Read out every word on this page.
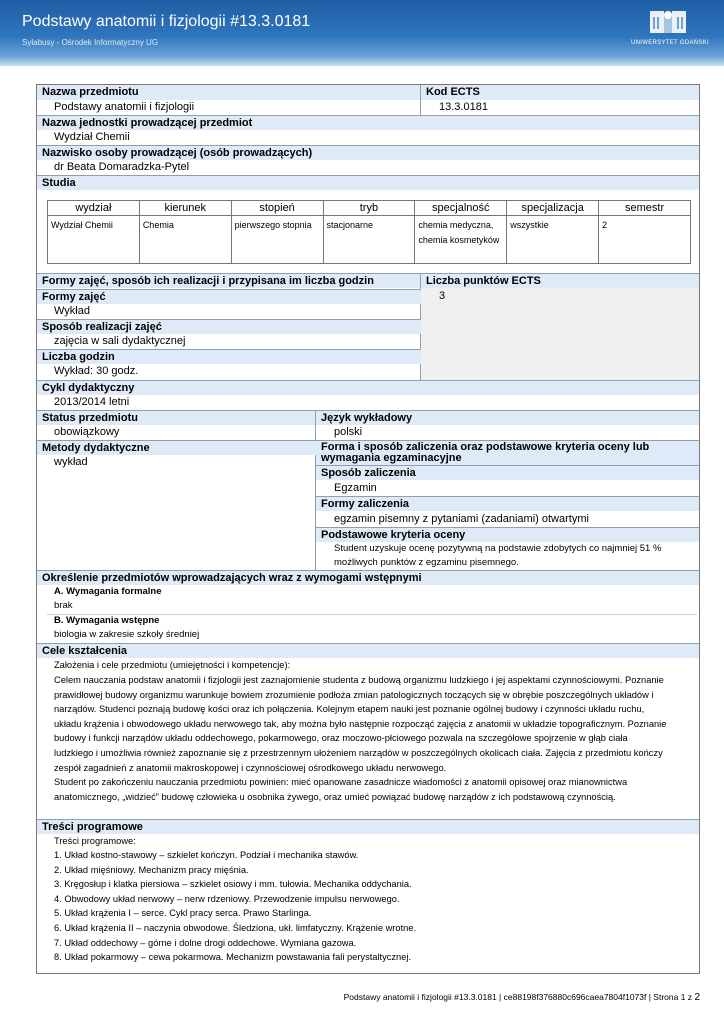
Podstawy anatomii i fizjologii #13.3.0181
Sylabusy - Ośrodek Informatyczny UG	UNIWERSYTET GDAŃSKI
Nazwa przedmiotu	Kod ECTS
Podstawy anatomii i fizjologii	13.3.0181
Nazwa jednostki prowadzącej przedmiot
Wydział Chemii
Nazwisko osoby prowadzącej (osób prowadzących)
dr Beata Domaradzka-Pytel
Studia
wydział	kierunek	stopień	tryb	specjalność	specjalizacja	semestr
Wydział Chemii	Chemia	pierwszego stopnia	stacjonarne	chemia medyczna, chemia kosmetyków	wszystkie	2
Formy zajęć, sposób ich realizacji i przypisana im liczba godzin	Liczba punktów ECTS
3
Formy zajęć
Wykład
Sposób realizacji zajęć
zajęcia w sali dydaktycznej
Liczba godzin
Wykład: 30 godz.
Cykl dydaktyczny
2013/2014 letni
Status przedmiotu	Język wykładowy
obowiązkowy	polski
Metody dydaktyczne
wykład
Forma i sposób zaliczenia oraz podstawowe kryteria oceny lub wymagania egzaminacyjne
Sposób zaliczenia
Egzamin
Formy zaliczenia
egzamin pisemny z pytaniami (zadaniami) otwartymi
Podstawowe kryteria oceny
Student uzyskuje ocenę pozytywną na podstawie zdobytych co najmniej 51 %
możliwych punktów z egzaminu pisemnego.
Określenie przedmiotów wprowadzających wraz z wymogami wstępnymi
A. Wymagania formalne
brak
B. Wymagania wstępne
biologia w zakresie szkoły średniej
Cele kształcenia
Założenia i cele przedmiotu (umiejętności i kompetencje):
Celem nauczania podstaw anatomii i fizjologii jest zaznajomienie studenta z budową organizmu ludzkiego i jej aspektami czynnościowymi. Poznanie
prawidłowej budowy organizmu warunkuje bowiem zrozumienie podłoża zmian patologicznych toczących się w obrębie poszczególnych układów i
narządów. Studenci poznają budowę kości oraz ich połączenia. Kolejnym etapem nauki jest poznanie ogólnej budowy i czynności układu ruchu,
układu krążenia i obwodowego układu nerwowego tak, aby można było następnie rozpocząć zajęcia z anatomii w układzie topograficznym. Poznanie
budowy i funkcji narządów układu oddechowego, pokarmowego, oraz moczowo-płciowego pozwala na szczegółowe spojrzenie w głąb ciała
ludzkiego i umożliwia również zapoznanie się z przestrzennym ułożeniem narządów w poszczególnych okolicach ciała. Zajęcia z przedmiotu kończy
zespół zagadnień z anatomii makroskopowej i czynnościowej ośrodkowego układu nerwowego.
Student po zakończeniu nauczania przedmiotu powinien: mieć opanowane zasadnicze wiadomości z anatomii opisowej oraz mianownictwa
anatomicznego, „widzieć” budowę człowieka u osobnika żywego, oraz umieć powiązać budowę narządów z ich podstawową czynnością.
Treści programowe
Treści programowe:
1. Układ kostno-stawowy – szkielet kończyn. Podział i mechanika stawów.
2. Układ mięśniowy. Mechanizm pracy mięśnia.
3. Kręgosłup i klatka piersiowa – szkielet osiowy i mm. tułowia. Mechanika oddychania.
4. Obwodowy układ nerwowy – nerw rdzeniowy. Przewodzenie impulsu nerwowego.
5. Układ krążenia I – serce. Cykl pracy serca. Prawo Starlinga.
6. Układ krążenia II – naczynia obwodowe. Śledziona, ukł. limfatyczny. Krążenie wrotne.
7. Układ oddechowy – górne i dolne drogi oddechowe. Wymiana gazowa.
8. Układ pokarmowy – cewa pokarmowa. Mechanizm powstawania fali perystaltycznej.
Podstawy anatomii i fizjologii #13.3.0181 | ce88198f376880c696caea7804f1073f | Strona 1 z 2
